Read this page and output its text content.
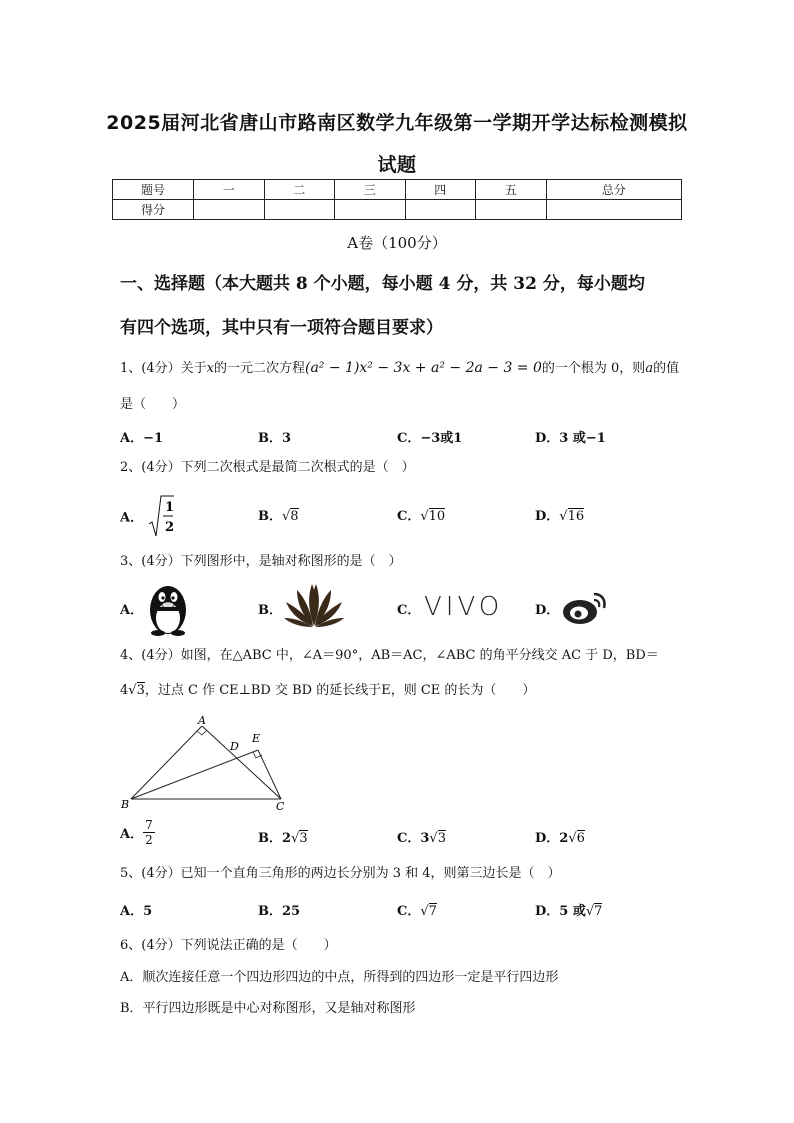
2025届河北省唐山市路南区数学九年级第一学期开学达标检测模拟
试题
题号	一	二	三	四	五	总分
得分						
A卷（100分）
一、选择题（本大题共 8 个小题，每小题 4 分，共 32 分，每小题均
有四个选项，其中只有一项符合题目要求）
1、(4分）关于x的一元二次方程(a² − 1)x² − 3x + a² − 2a − 3 = 0的一个根为 0，则a的值
是（　　）
A．−1	B．3	C．−3或1	D．3 或−1
2、(4分）下列二次根式是最简二次根式的是（　）
A．
1
2
B．√8	C．√10	D．√16
3、(4分）下列图形中，是轴对称图形的是（　）
A．	B．	C． VIVO D．
4、(4分）如图，在△ABC 中，∠A＝90°，AB＝AC，∠ABC 的角平分线交 AC 于 D，BD＝
4√3，过点 C 作 CE⊥BD 交 BD 的延长线于E，则 CE 的长为（　　）
A
B	C
D
E
A． $\frac{7}{2}$	B．2√3	C．3√3	D．2√6
5、(4分）已知一个直角三角形的两边长分别为 3 和 4，则第三边长是（　）
A．5	B．25	C．√7	D．5 或√7
6、(4分）下列说法正确的是（　　）
A．顺次连接任意一个四边形四边的中点，所得到的四边形一定是平行四边形
B．平行四边形既是中心对称图形，又是轴对称图形
